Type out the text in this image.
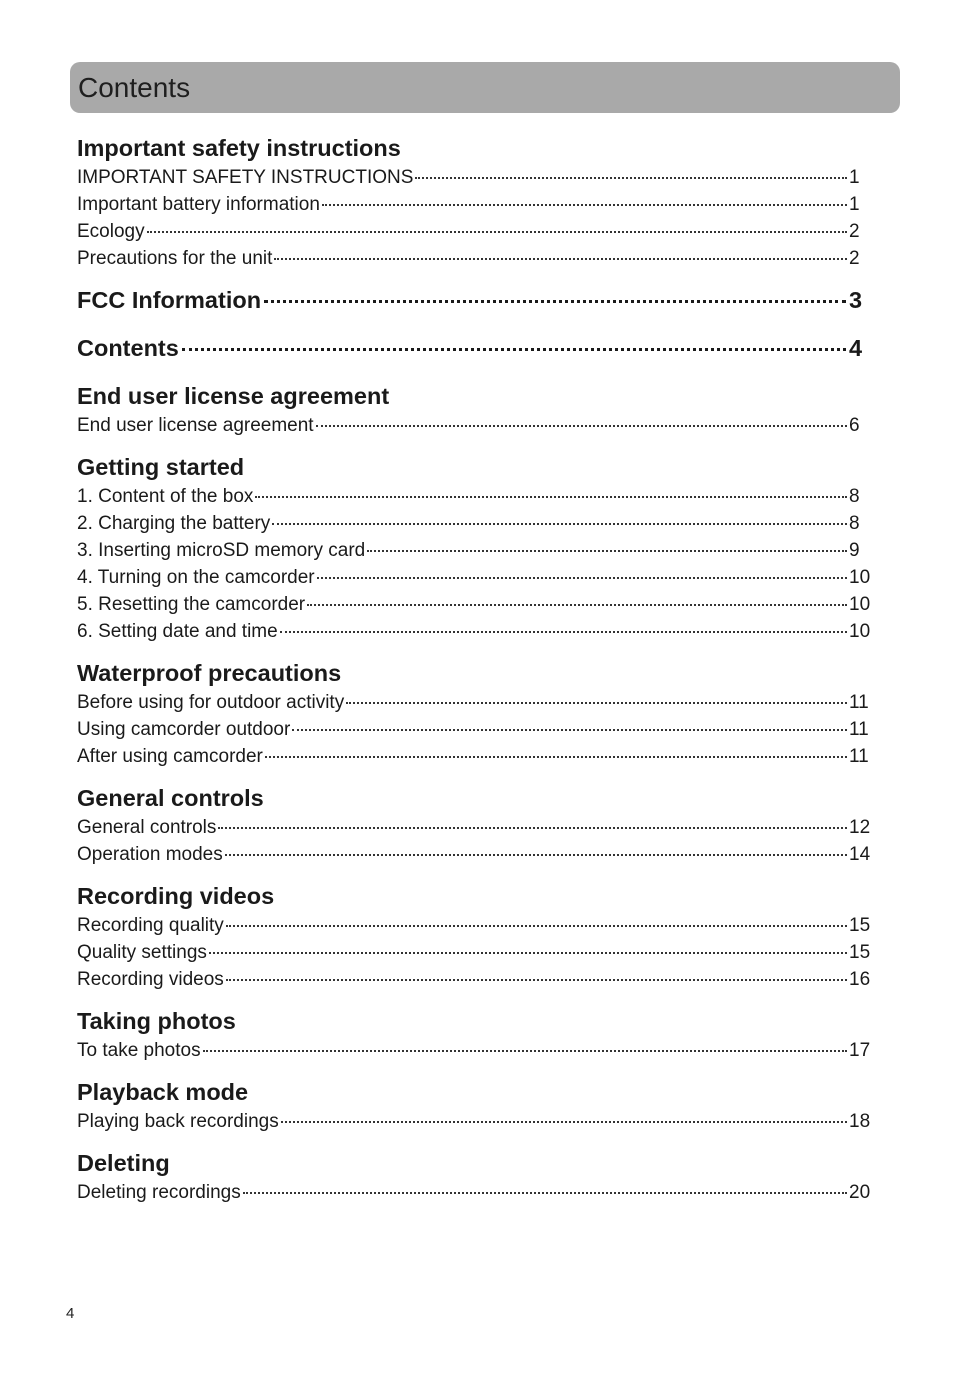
Contents
Important safety instructions
IMPORTANT SAFETY INSTRUCTIONS	1
Important battery information	1
Ecology	2
Precautions for the unit	2
FCC Information	3
Contents	4
End user license agreement
End user license agreement	6
Getting started
1. Content of the box	8
2. Charging the battery	8
3. Inserting microSD memory card	9
4. Turning on the camcorder	10
5. Resetting the camcorder	10
6. Setting date and time	10
Waterproof precautions
Before using for outdoor activity	11
Using camcorder outdoor	11
After using camcorder	11
General controls
General controls	12
Operation modes	14
Recording videos
Recording quality	15
Quality settings	15
Recording videos	16
Taking photos
To take photos	17
Playback mode
Playing back recordings	18
Deleting
Deleting recordings	20
4
